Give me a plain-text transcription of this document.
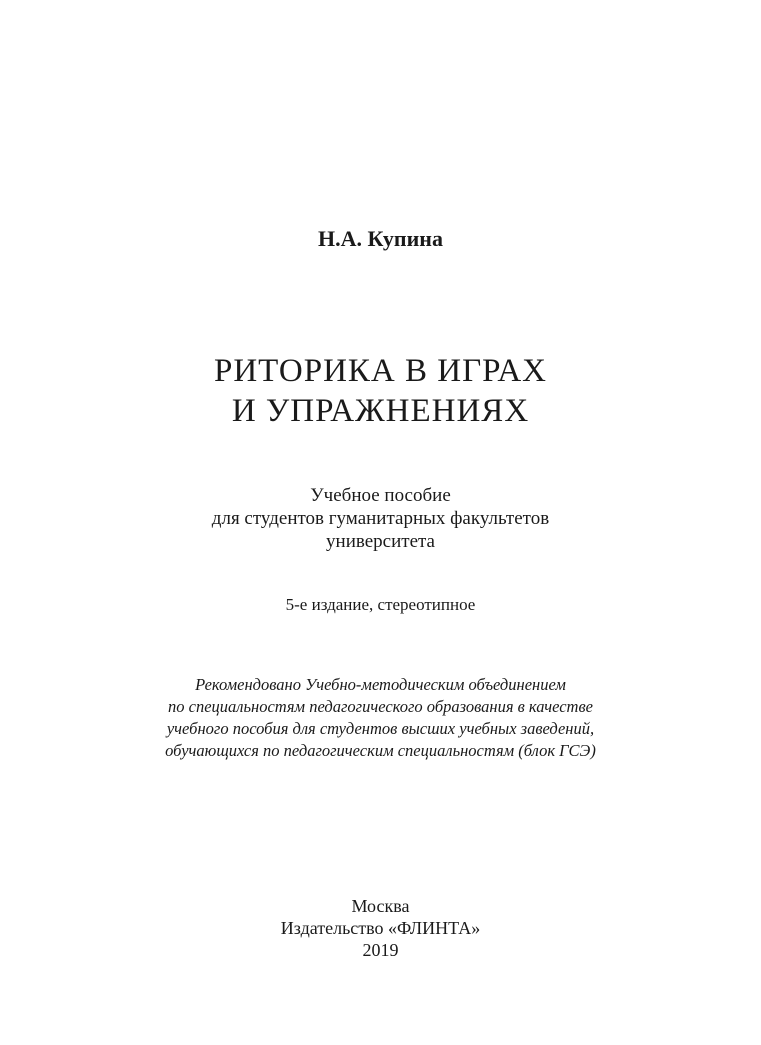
Н.А. Купина
РИТОРИКА В ИГРАХ
И УПРАЖНЕНИЯХ
Учебное пособие
для студентов гуманитарных факультетов
университета
5-е издание, стереотипное
Рекомендовано Учебно-методическим объединением
по специальностям педагогического образования в качестве
учебного пособия для студентов высших учебных заведений,
обучающихся по педагогическим специальностям (блок ГСЭ)
Москва
Издательство «ФЛИНТА»
2019
